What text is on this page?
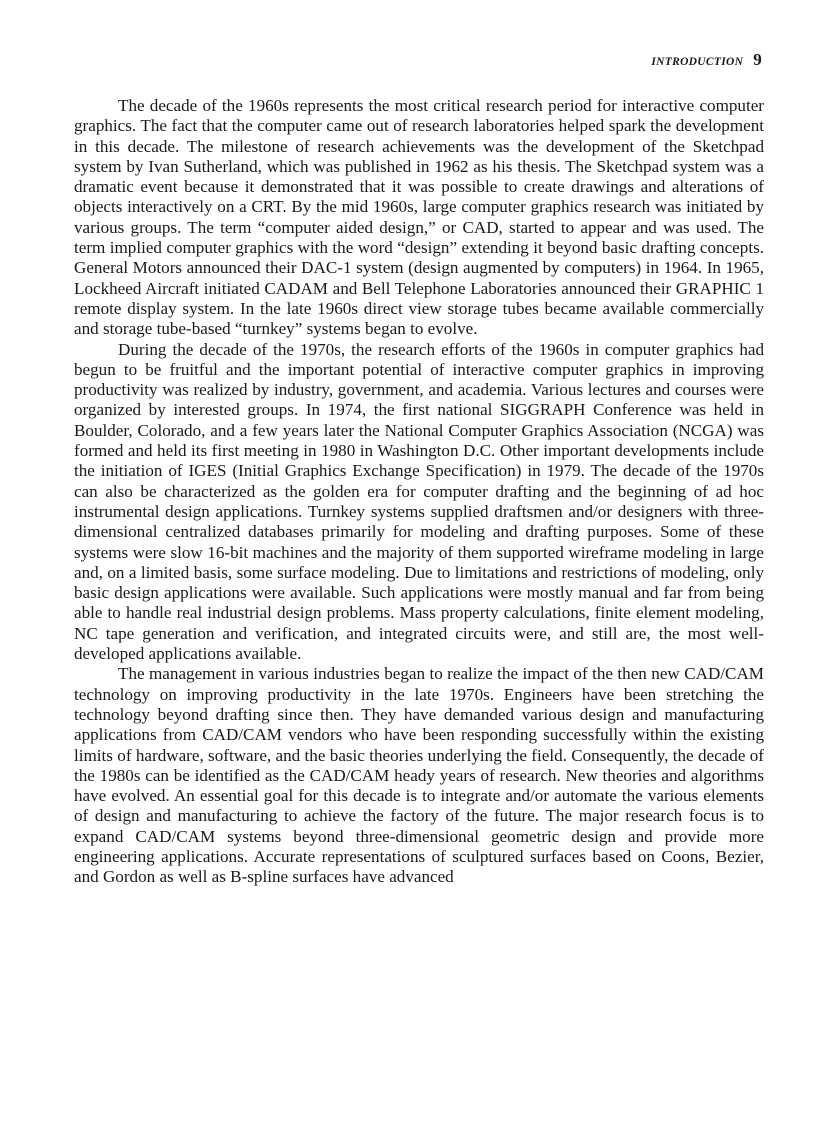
INTRODUCTION 9

The decade of the 1960s represents the most critical research period for interactive computer graphics. The fact that the computer came out of research laboratories helped spark the development in this decade. The milestone of research achievements was the development of the Sketchpad system by Ivan Sutherland, which was published in 1962 as his thesis. The Sketchpad system was a dramatic event because it demonstrated that it was possible to create drawings and alterations of objects interactively on a CRT. By the mid 1960s, large computer graphics research was initiated by various groups. The term “computer aided design,” or CAD, started to appear and was used. The term implied computer graphics with the word “design” extending it beyond basic drafting concepts. General Motors announced their DAC-1 system (design augmented by computers) in 1964. In 1965, Lockheed Aircraft initiated CADAM and Bell Telephone Laboratories announced their GRAPHIC 1 remote display system. In the late 1960s direct view storage tubes became available commercially and storage tube-based “turnkey” systems began to evolve.

During the decade of the 1970s, the research efforts of the 1960s in computer graphics had begun to be fruitful and the important potential of interactive computer graphics in improving productivity was realized by industry, government, and academia. Various lectures and courses were organized by interested groups. In 1974, the first national SIGGRAPH Conference was held in Boulder, Colorado, and a few years later the National Computer Graphics Association (NCGA) was formed and held its first meeting in 1980 in Washington D.C. Other important developments include the initiation of IGES (Initial Graphics Exchange Specification) in 1979. The decade of the 1970s can also be characterized as the golden era for computer drafting and the beginning of ad hoc instrumental design applications. Turnkey systems supplied draftsmen and/or designers with three-dimensional centralized databases primarily for modeling and drafting purposes. Some of these systems were slow 16-bit machines and the majority of them supported wireframe modeling in large and, on a limited basis, some surface modeling. Due to limitations and restrictions of modeling, only basic design applications were available. Such applications were mostly manual and far from being able to handle real industrial design problems. Mass property calculations, finite element modeling, NC tape generation and verification, and integrated circuits were, and still are, the most well-developed applications available.

The management in various industries began to realize the impact of the then new CAD/CAM technology on improving productivity in the late 1970s. Engineers have been stretching the technology beyond drafting since then. They have demanded various design and manufacturing applications from CAD/CAM vendors who have been responding successfully within the existing limits of hardware, software, and the basic theories underlying the field. Consequently, the decade of the 1980s can be identified as the CAD/CAM heady years of research. New theories and algorithms have evolved. An essential goal for this decade is to integrate and/or automate the various elements of design and manufacturing to achieve the factory of the future. The major research focus is to expand CAD/CAM systems beyond three-dimensional geometric design and provide more engineering applications. Accurate representations of sculptured surfaces based on Coons, Bezier, and Gordon as well as B-spline surfaces have advanced
